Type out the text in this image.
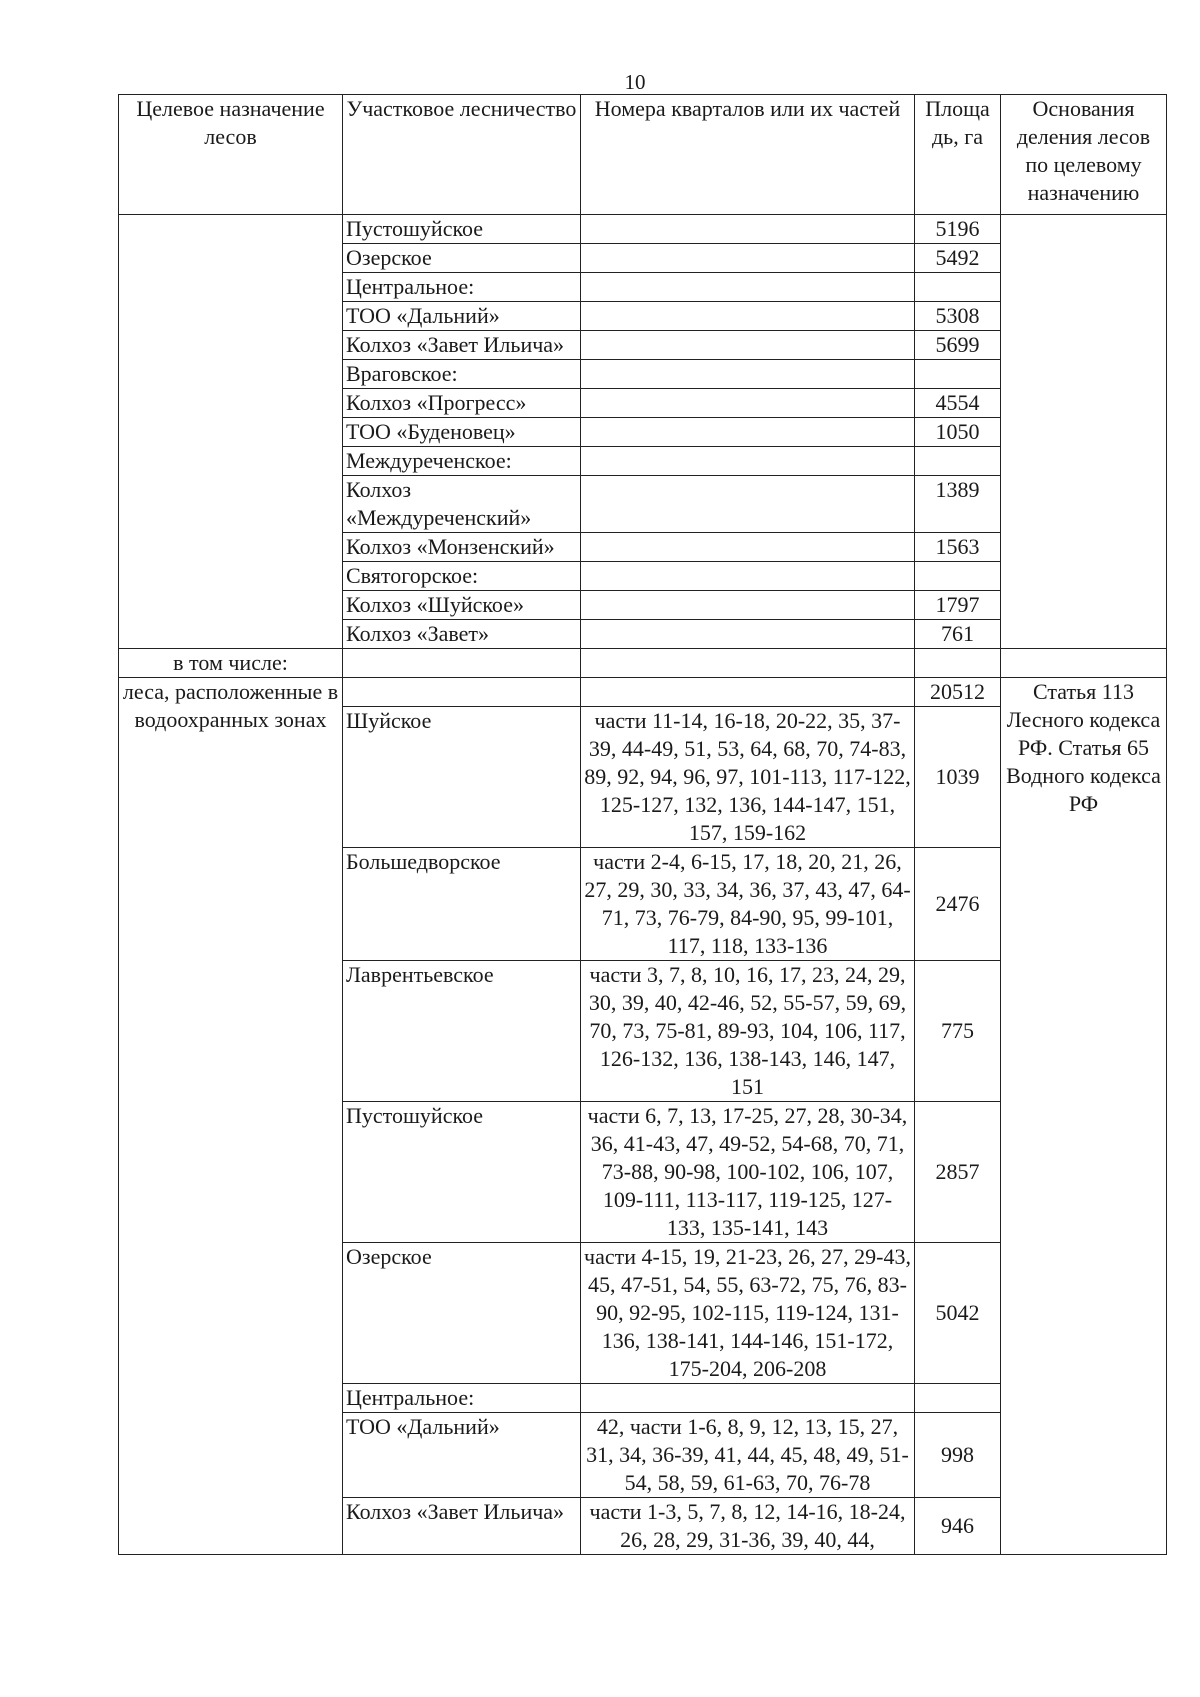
10
Целевое назначение лесов	Участковое лесничество	Номера кварталов или их частей	Площа дь, га	Основания деления лесов по целевому назначению
	Пустошуйское		5196	
	Озерское		5492	
	Центральное:			
	ТОО «Дальний»		5308	
	Колхоз «Завет Ильича»		5699	
	Враговское:			
	Колхоз «Прогресс»		4554	
	ТОО «Буденовец»		1050	
	Междуреченское:			
	Колхоз «Междуреченский»		1389	
	Колхоз «Монзенский»		1563	
	Святогорское:			
	Колхоз «Шуйское»		1797	
	Колхоз «Завет»		761	
в том числе:				
леса, расположенные в водоохранных зонах			20512	Статья 113 Лесного кодекса РФ. Статья 65 Водного кодекса РФ
	Шуйское	части 11-14, 16-18, 20-22, 35, 37-39, 44-49, 51, 53, 64, 68, 70, 74-83, 89, 92, 94, 96, 97, 101-113, 117-122, 125-127, 132, 136, 144-147, 151, 157, 159-162	1039	
	Большедворское	части 2-4, 6-15, 17, 18, 20, 21, 26, 27, 29, 30, 33, 34, 36, 37, 43, 47, 64-71, 73, 76-79, 84-90, 95, 99-101, 117, 118, 133-136	2476	
	Лаврентьевское	части 3, 7, 8, 10, 16, 17, 23, 24, 29, 30, 39, 40, 42-46, 52, 55-57, 59, 69, 70, 73, 75-81, 89-93, 104, 106, 117, 126-132, 136, 138-143, 146, 147, 151	775	
	Пустошуйское	части 6, 7, 13, 17-25, 27, 28, 30-34, 36, 41-43, 47, 49-52, 54-68, 70, 71, 73-88, 90-98, 100-102, 106, 107, 109-111, 113-117, 119-125, 127-133, 135-141, 143	2857	
	Озерское	части 4-15, 19, 21-23, 26, 27, 29-43, 45, 47-51, 54, 55, 63-72, 75, 76, 83-90, 92-95, 102-115, 119-124, 131-136, 138-141, 144-146, 151-172, 175-204, 206-208	5042	
	Центральное:			
	ТОО «Дальний»	42, части 1-6, 8, 9, 12, 13, 15, 27, 31, 34, 36-39, 41, 44, 45, 48, 49, 51-54, 58, 59, 61-63, 70, 76-78	998	
	Колхоз «Завет Ильича»	части 1-3, 5, 7, 8, 12, 14-16, 18-24, 26, 28, 29, 31-36, 39, 40, 44,	946	
